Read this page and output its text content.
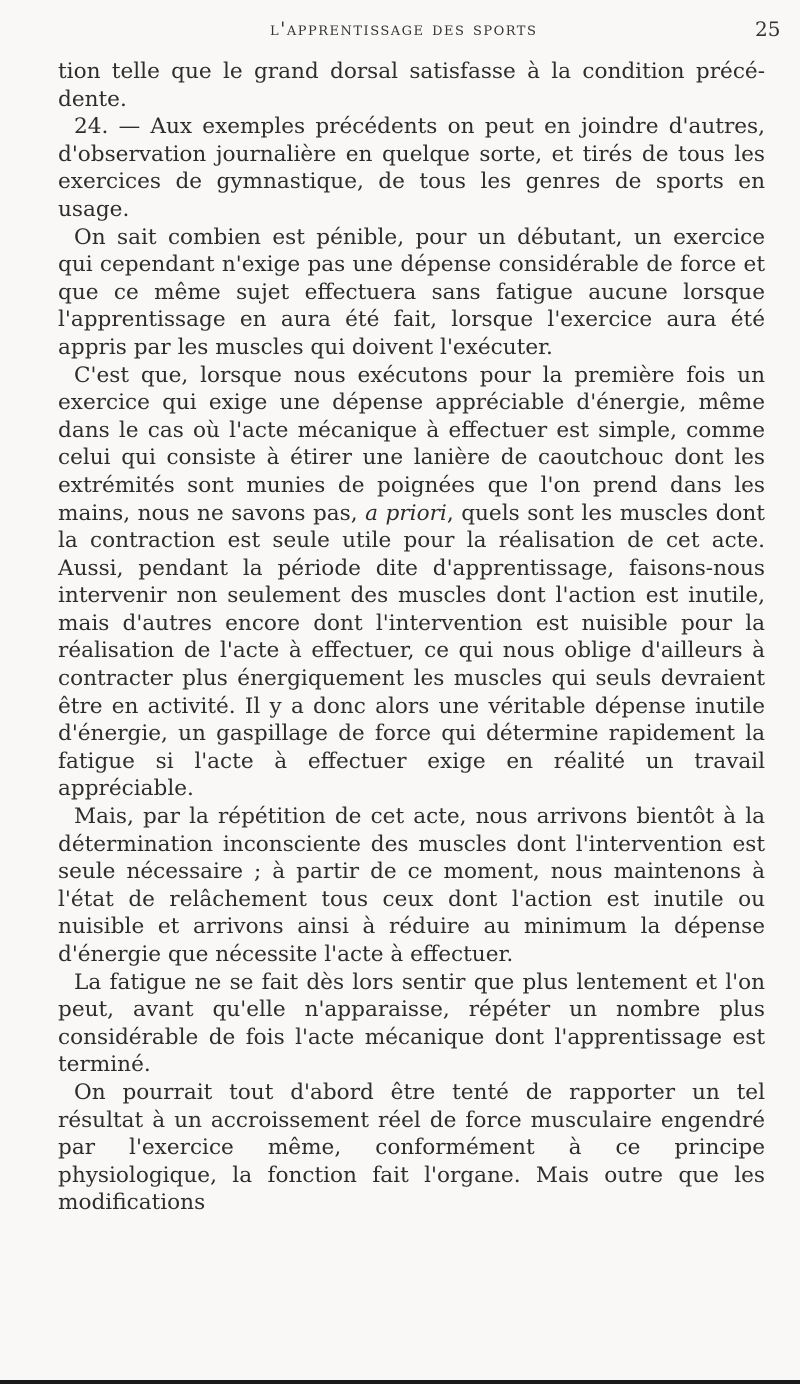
l'apprentissage des sports	25

tion telle que le grand dorsal satisfasse à la condition précé-dente.

24. — Aux exemples précédents on peut en joindre d'autres, d'observation journalière en quelque sorte, et tirés de tous les exercices de gymnastique, de tous les genres de sports en usage.

On sait combien est pénible, pour un débutant, un exercice qui cependant n'exige pas une dépense considérable de force et que ce même sujet effectuera sans fatigue aucune lorsque l'apprentissage en aura été fait, lorsque l'exercice aura été appris par les muscles qui doivent l'exécuter.

C'est que, lorsque nous exécutons pour la première fois un exercice qui exige une dépense appréciable d'énergie, même dans le cas où l'acte mécanique à effectuer est simple, comme celui qui consiste à étirer une lanière de caoutchouc dont les extrémités sont munies de poignées que l'on prend dans les mains, nous ne savons pas, a priori, quels sont les muscles dont la contraction est seule utile pour la réalisation de cet acte. Aussi, pendant la période dite d'apprentissage, faisons-nous intervenir non seulement des muscles dont l'action est inutile, mais d'autres encore dont l'intervention est nuisible pour la réalisation de l'acte à effectuer, ce qui nous oblige d'ailleurs à contracter plus énergiquement les muscles qui seuls devraient être en activité. Il y a donc alors une véritable dépense inutile d'énergie, un gaspillage de force qui détermine rapidement la fatigue si l'acte à effectuer exige en réalité un travail appréciable.

Mais, par la répétition de cet acte, nous arrivons bientôt à la détermination inconsciente des muscles dont l'intervention est seule nécessaire ; à partir de ce moment, nous maintenons à l'état de relâchement tous ceux dont l'action est inutile ou nuisible et arrivons ainsi à réduire au minimum la dépense d'énergie que nécessite l'acte à effectuer.

La fatigue ne se fait dès lors sentir que plus lentement et l'on peut, avant qu'elle n'apparaisse, répéter un nombre plus considérable de fois l'acte mécanique dont l'apprentissage est terminé.

On pourrait tout d'abord être tenté de rapporter un tel résultat à un accroissement réel de force musculaire engendré par l'exercice même, conformément à ce principe physiologique, la fonction fait l'organe. Mais outre que les modifications
